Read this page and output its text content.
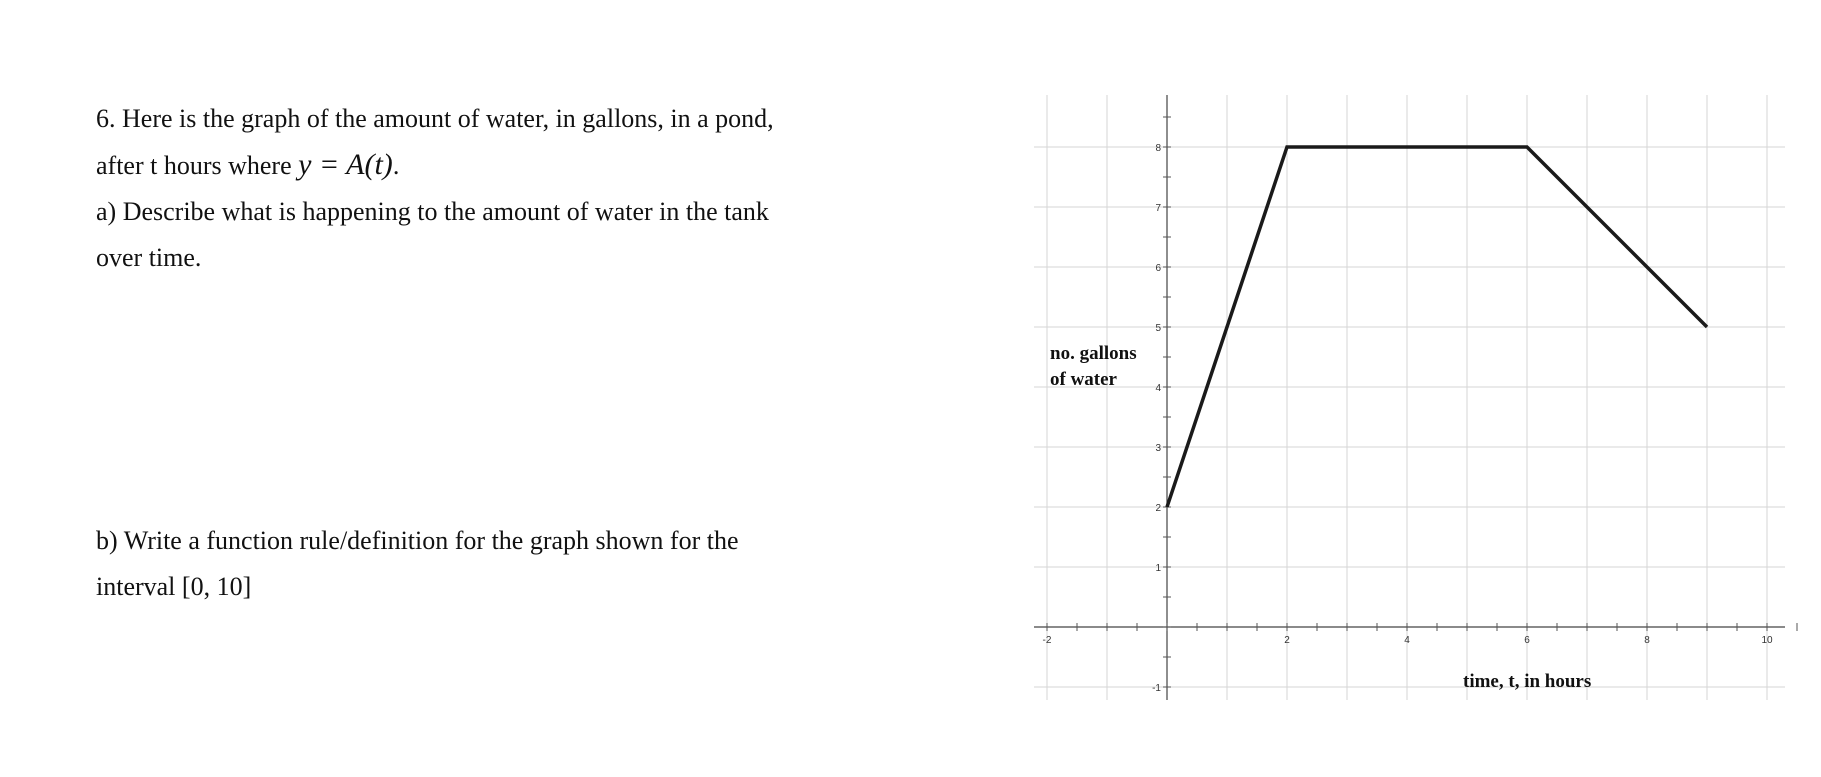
6. Here is the graph of the amount of water, in gallons, in a pond,

after t hours where y = A(t).

a) Describe what is happening to the amount of water in the tank

over time.

b) Write a function rule/definition for the graph shown for the

interval [0, 10]

-2	2	4	6	8	10
-1
1
2
3
4
5
6
7
8
no. gallons
of water
time, t, in hours
